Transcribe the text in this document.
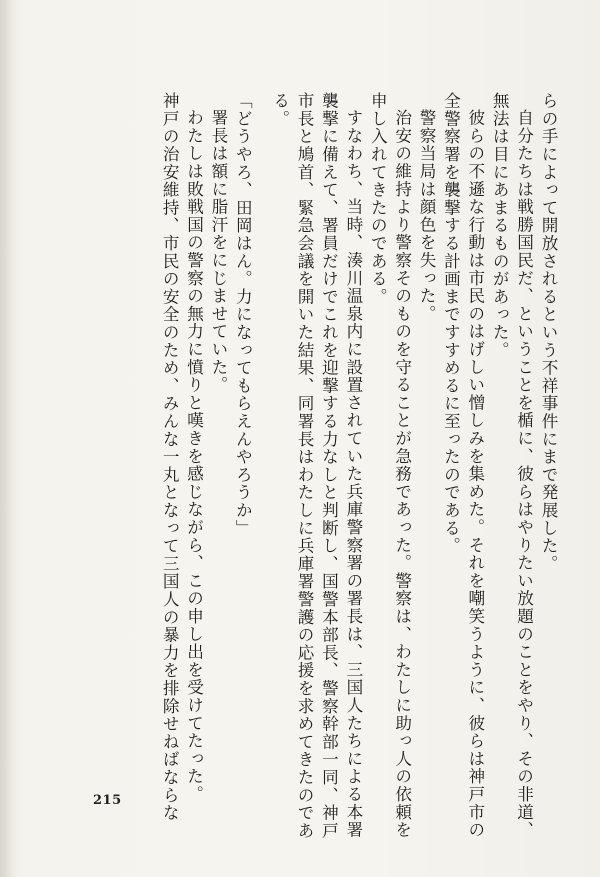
らの手によって開放されるという不祥事件にまで発展した。

自分たちは戦勝国民だ、ということを楯に、彼らはやりたい放題のことをやり、その非道、

無法は目にあまるものがあった。

彼らの不遜な行動は市民のはげしい憎しみを集めた。それを嘲笑うように、彼らは神戸市の

全警察署を襲撃する計画まですすめるに至ったのである。

警察当局は顔色を失った。

治安の維持より警察そのものを守ることが急務であった。警察は、わたしに助っ人の依頼を

申し入れてきたのである。

すなわち、当時、湊川温泉内に設置されていた兵庫警察署の署長は、三国人たちによる本署

襲撃に備えて、署員だけでこれを迎撃する力なしと判断し、国警本部長、警察幹部一同、神戸

市長と鳩首、緊急会議を開いた結果、同署長はわたしに兵庫署警護の応援を求めてきたのであ

る。

「どうやろ、田岡はん。力になってもらえんやろうか」

署長は額に脂汗をにじませていた。

わたしは敗戦国の警察の無力に憤りと嘆きを感じながら、この申し出を受けてたった。

神戸の治安維持、市民の安全のため、みんな一丸となって三国人の暴力を排除せねばならな

215
